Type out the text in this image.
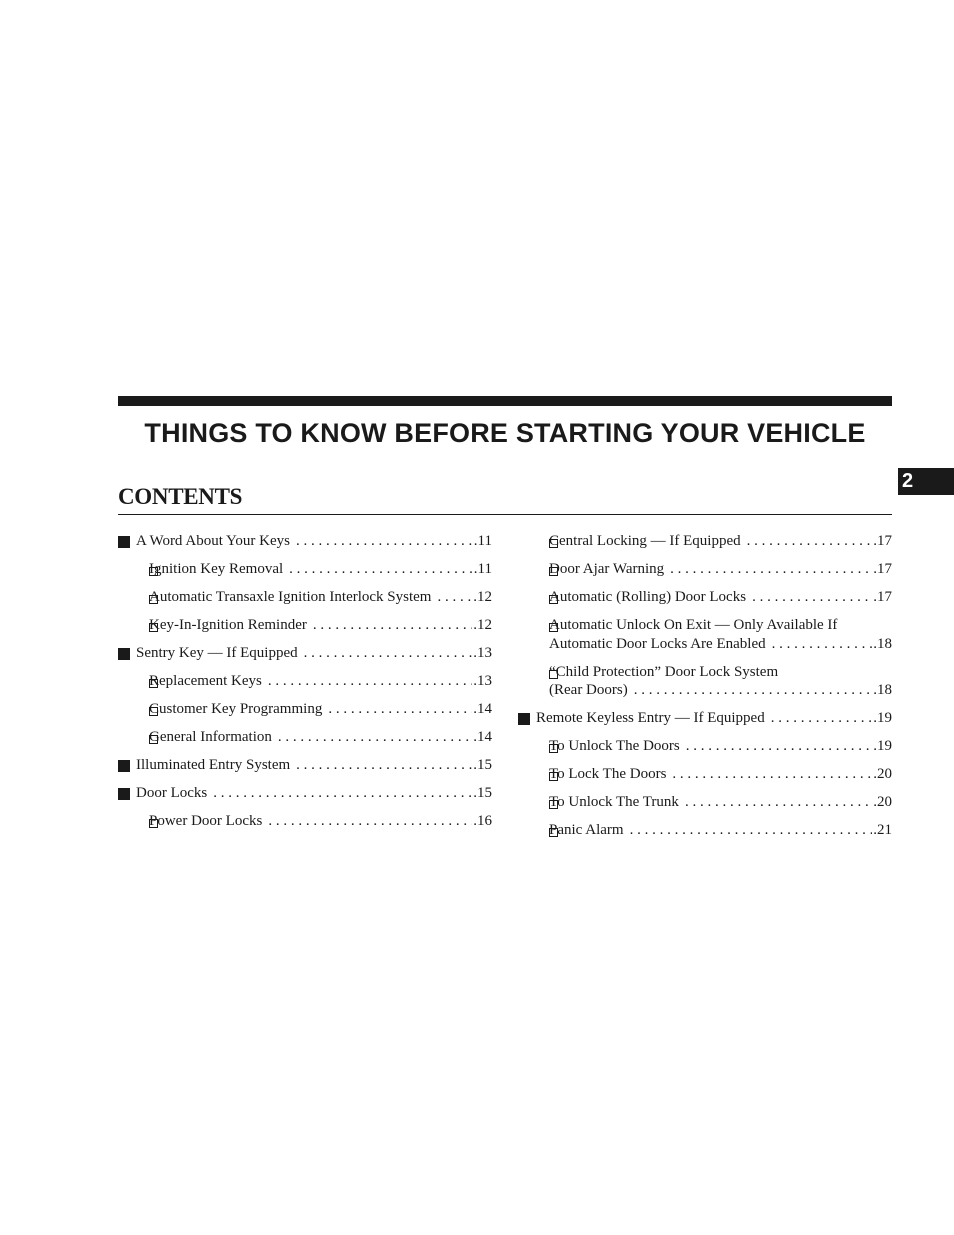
THINGS TO KNOW BEFORE STARTING YOUR VEHICLE
CONTENTS
2
A Word About Your Keys . . .	.11
Ignition Key Removal . . .	.11
Automatic Transaxle Ignition Interlock System . . .	.12
Key-In-Ignition Reminder . . .	.12
Sentry Key — If Equipped . . .	.13
Replacement Keys . . .	.13
Customer Key Programming . . .	.14
General Information . . .	.14
Illuminated Entry System . . .	.15
Door Locks . . .	.15
Power Door Locks . . .	.16
Central Locking — If Equipped . . .	.17
Door Ajar Warning . . .	.17
Automatic (Rolling) Door Locks . . .	.17
Automatic Unlock On Exit — Only Available If
Automatic Door Locks Are Enabled . . .	.18
“Child Protection” Door Lock System
(Rear Doors) . . .	.18
Remote Keyless Entry — If Equipped . . .	.19
To Unlock The Doors . . .	.19
To Lock The Doors . . .	.20
To Unlock The Trunk . . .	.20
Panic Alarm . . .	.21
